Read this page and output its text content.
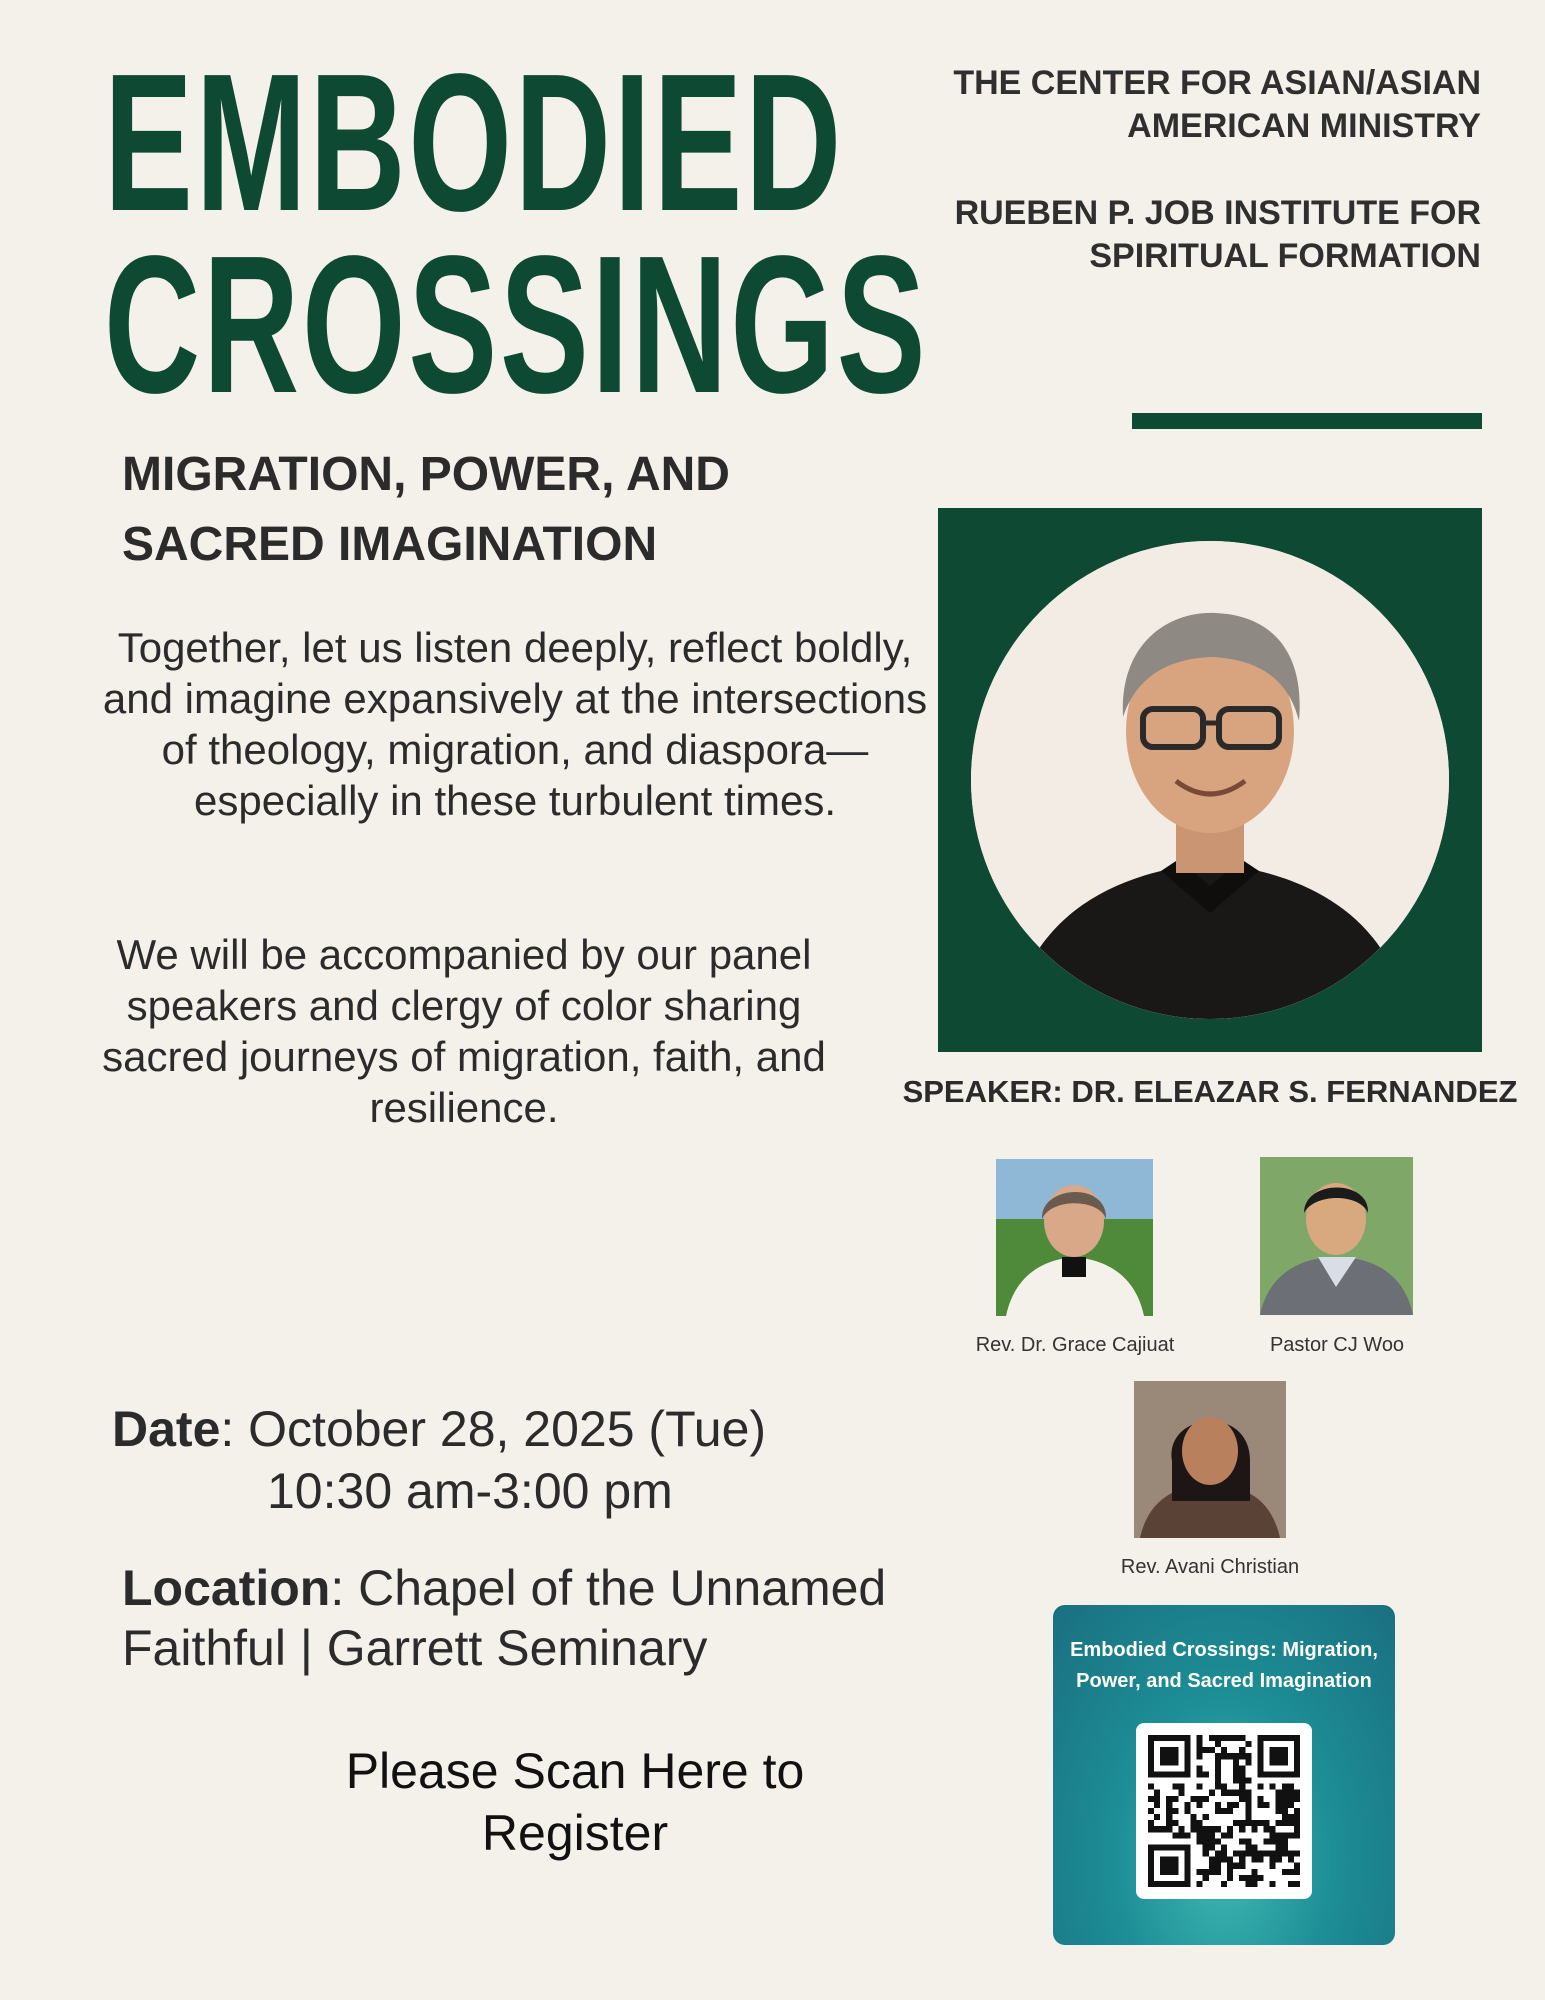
EMBODIED
CROSSINGS
THE CENTER FOR ASIAN/ASIAN AMERICAN MINISTRY
RUEBEN P. JOB INSTITUTE FOR SPIRITUAL FORMATION
MIGRATION, POWER, AND
SACRED IMAGINATION

Together, let us listen deeply, reflect boldly, and imagine expansively at the intersections of theology, migration, and diaspora—especially in these turbulent times.

We will be accompanied by our panel speakers and clergy of color sharing sacred journeys of migration, faith, and resilience.	SPEAKER: DR. ELEAZAR S. FERNANDEZ
Rev. Dr. Grace Cajiuat	Pastor CJ Woo
Rev. Avani Christian
Date: October 28, 2025 (Tue)
10:30 am-3:00 pm
Location: Chapel of the Unnamed Faithful | Garrett Seminary
Please Scan Here to Register
Embodied Crossings: Migration, Power, and Sacred Imagination
